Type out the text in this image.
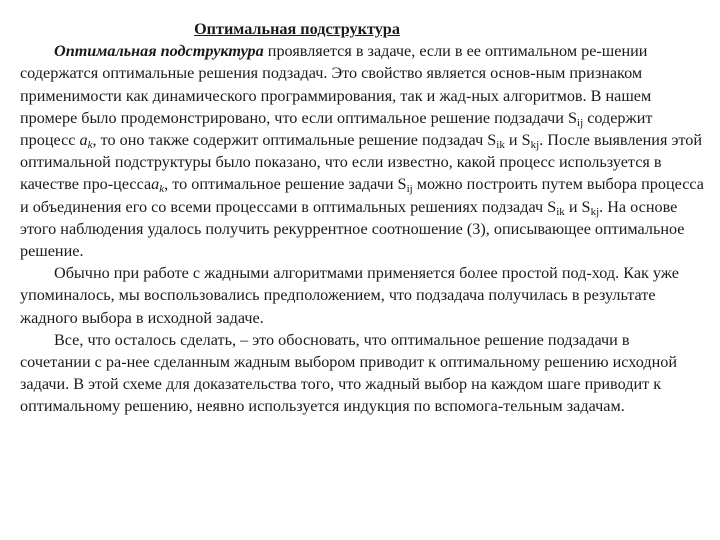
Оптимальная подструктура

Оптимальная подструктура проявляется в задаче, если в ее оптимальном ре-шении содержатся оптимальные решения подзадач. Это свойство является основ-ным признаком применимости как динамического программирования, так и жад-ных алгоритмов. В нашем промере было продемонстрировано, что если оптимальное решение подзадачи $S_{ij}$ содержит процесс $a_k$, то оно также содержит оптимальные решение подзадач $S_{ik}$ и $S_{kj}$. После выявления этой оптимальной подструктуры было показано, что если известно, какой процесс используется в качестве про-цессаa$_k$, то оптимальное решение задачи $S_{ij}$ можно построить путем выбора процесса и объединения его со всеми процессами в оптимальных решениях подзадач $S_{ik}$ и $S_{kj}$. На основе этого наблюдения удалось получить рекуррентное соотношение (3), описывающее оптимальное решение.

Обычно при работе с жадными алгоритмами применяется более простой под-ход. Как уже упоминалось, мы воспользовались предположением, что подзадача получилась в результате жадного выбора в исходной задаче.

Все, что осталось сделать, – это обосновать, что оптимальное решение подзадачи в сочетании с ра-нее сделанным жадным выбором приводит к оптимальному решению исходной задачи. В этой схеме для доказательства того, что жадный выбор на каждом шаге приводит к оптимальному решению, неявно используется индукция по вспомога-тельным задачам.
